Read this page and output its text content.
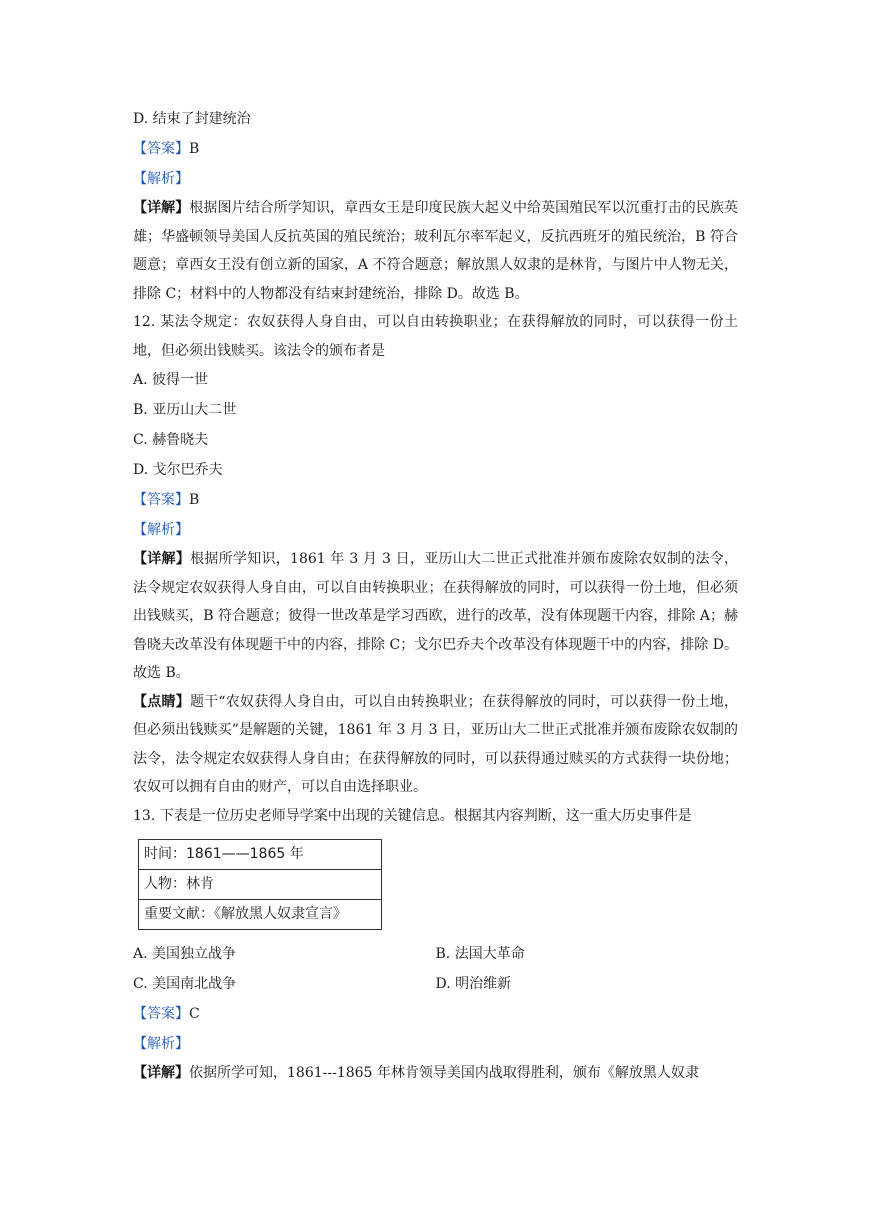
D. 结束了封建统治
【答案】B
【解析】
【详解】根据图片结合所学知识，章西女王是印度民族大起义中给英国殖民军以沉重打击的民族英雄；华盛顿领导美国人反抗英国的殖民统治；玻利瓦尔率军起义，反抗西班牙的殖民统治，B 符合题意；章西女王没有创立新的国家，A 不符合题意；解放黑人奴隶的是林肯，与图片中人物无关，排除 C；材料中的人物都没有结束封建统治，排除 D。故选 B。
12. 某法令规定：农奴获得人身自由，可以自由转换职业；在获得解放的同时，可以获得一份土地，但必须出钱赎买。该法令的颁布者是
A. 彼得一世
B. 亚历山大二世
C. 赫鲁晓夫
D. 戈尔巴乔夫
【答案】B
【解析】
【详解】根据所学知识，1861 年 3 月 3 日，亚历山大二世正式批准并颁布废除农奴制的法令，法令规定农奴获得人身自由，可以自由转换职业；在获得解放的同时，可以获得一份土地，但必须出钱赎买，B 符合题意；彼得一世改革是学习西欧，进行的改革，没有体现题干内容，排除 A；赫鲁晓夫改革没有体现题干中的内容，排除 C；戈尔巴乔夫个改革没有体现题干中的内容，排除 D。故选 B。
【点睛】题干“农奴获得人身自由，可以自由转换职业；在获得解放的同时，可以获得一份土地，但必须出钱赎买”是解题的关键，1861 年 3 月 3 日，亚历山大二世正式批准并颁布废除农奴制的法令，法令规定农奴获得人身自由；在获得解放的同时，可以获得通过赎买的方式获得一块份地；农奴可以拥有自由的财产，可以自由选择职业。
13. 下表是一位历史老师导学案中出现的关键信息。根据其内容判断，这一重大历史事件是
时间：1861——1865 年
人物：林肯
重要文献：《解放黑人奴隶宣言》
A. 美国独立战争	B. 法国大革命
C. 美国南北战争	D. 明治维新
【答案】C
【解析】
【详解】依据所学可知，1861---1865 年林肯领导美国内战取得胜利，颁布《解放黑人奴隶
